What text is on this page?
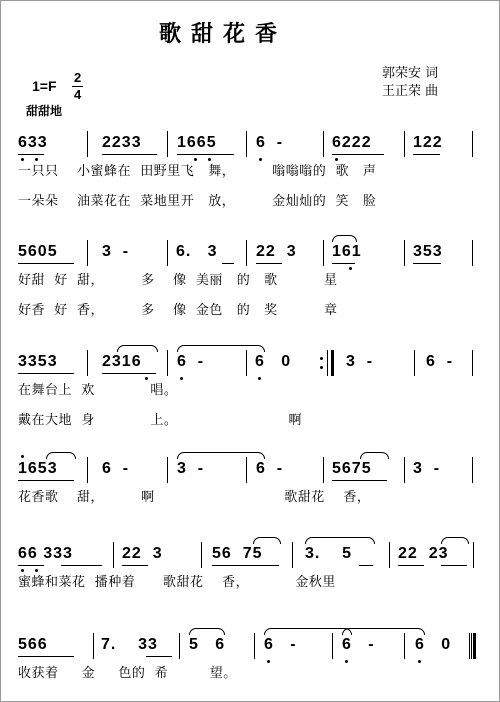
歌甜花香
郭荣安 词
王正荣 曲
1=F
2
4
甜甜地
633	2233 1665 6  -	6222	122
一只只    小蜜蜂在  田野里飞   舞，        嗡嗡嗡的  歌   声
一朵朵    油菜花在  菜地里开   放，        金灿灿的  笑   脸
5605	3  -	6.   3 22  3 161	353
好甜  好  甜，        多    像  美丽   的   歌          星
好香  好  香，        多    像  金色   的   奖          章
3353	2316 6  -	6   0	3  -	6  -
在舞台上  欢            唱。
戴在大地  身            上。                        啊
1653	6  -	3  -	6  -	5675	3  -
花香歌    甜，        啊                            歌甜花    香，
66 333	22  3	56  75	3.    5	22  23
蜜蜂和菜花  播种着      歌甜花    香，          金秋里
566	7.    33 5   6 6   -	6   -	6   0
收获着     金     色的  希         望。
